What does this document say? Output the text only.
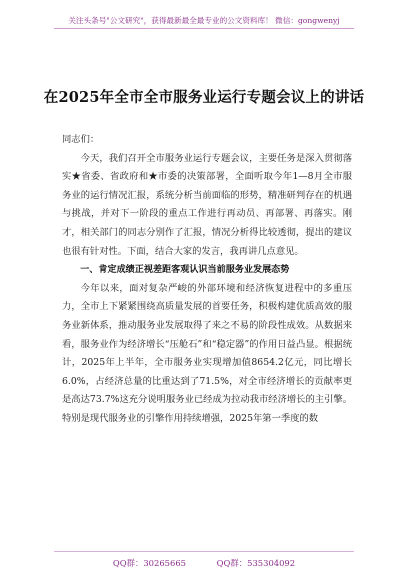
关注头条号"公文研究"，获得最新最全最专业的公文资料库！ 微信：gongwenyj
在2025年全市全市服务业运行专题会议上的讲话

同志们：

今天，我们召开全市服务业运行专题会议，主要任务是深入贯彻落实★省委、省政府和★市委的决策部署，全面听取今年1—8月全市服务业的运行情况汇报，系统分析当前面临的形势，精准研判存在的机遇与挑战，并对下一阶段的重点工作进行再动员、再部署、再落实。刚才，相关部门的同志分别作了汇报，情况分析得比较透彻，提出的建议也很有针对性。下面，结合大家的发言，我再讲几点意见。

一、肯定成绩正视差距客观认识当前服务业发展态势

今年以来，面对复杂严峻的外部环境和经济恢复进程中的多重压力，全市上下紧紧围绕高质量发展的首要任务，积极构建优质高效的服务业新体系，推动服务业发展取得了来之不易的阶段性成效。从数据来看，服务业作为经济增长“压舱石”和“稳定器”的作用日益凸显。根据统计，2025年上半年，全市服务业实现增加值8654.2亿元，同比增长6.0%，占经济总量的比重达到了71.5%，对全市经济增长的贡献率更是高达73.7%这充分说明服务业已经成为拉动我市经济增长的主引擎。特别是现代服务业的引擎作用持续增强，2025年第一季度的数

QQ群：30265665	QQ群：535304092
